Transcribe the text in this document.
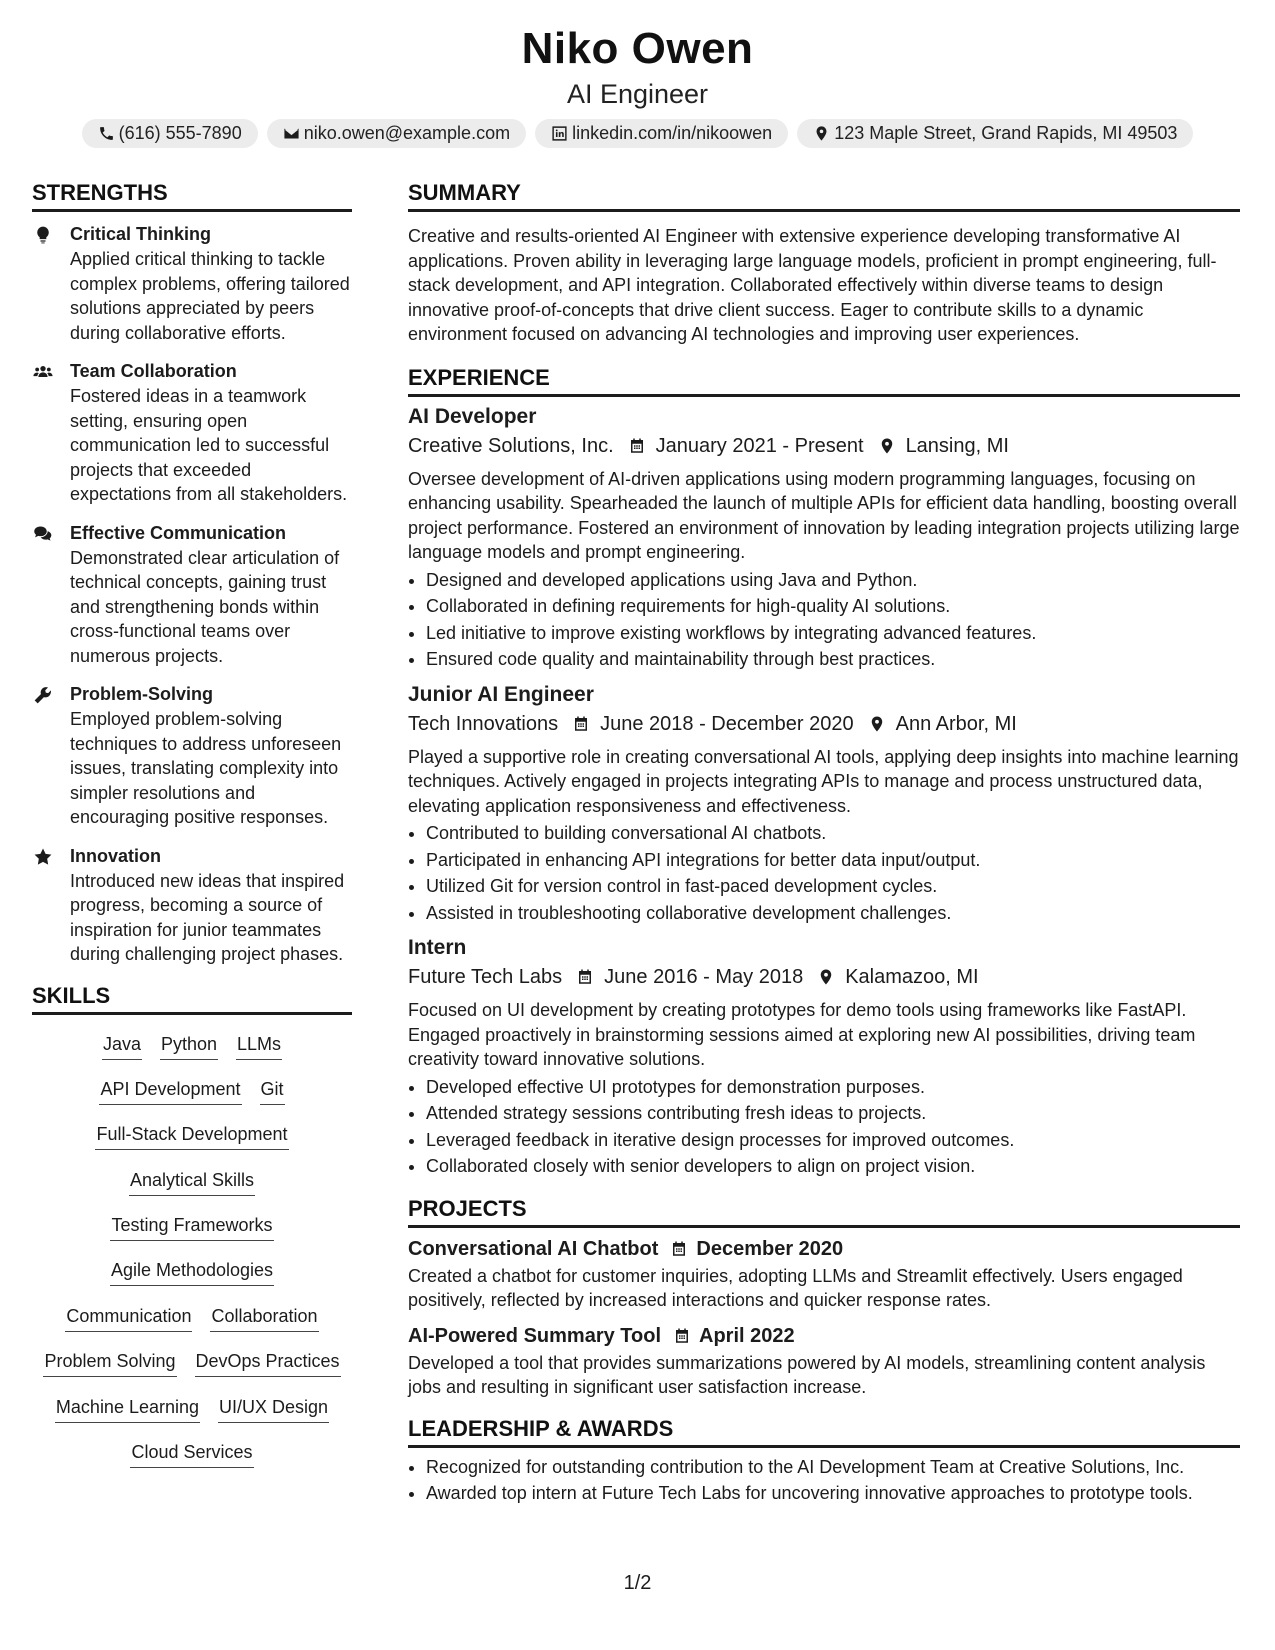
Niko Owen
AI Engineer
(616) 555-7890	niko.owen@example.com	linkedin.com/in/nikoowen	123 Maple Street, Grand Rapids, MI 49503
STRENGTHS
Critical Thinking
Applied critical thinking to tackle complex problems, offering tailored solutions appreciated by peers during collaborative efforts.
Team Collaboration
Fostered ideas in a teamwork setting, ensuring open communication led to successful projects that exceeded expectations from all stakeholders.
Effective Communication
Demonstrated clear articulation of technical concepts, gaining trust and strengthening bonds within cross-functional teams over numerous projects.
Problem-Solving
Employed problem-solving techniques to address unforeseen issues, translating complexity into simpler resolutions and encouraging positive responses.
Innovation
Introduced new ideas that inspired progress, becoming a source of inspiration for junior teammates during challenging project phases.
SKILLS
Java Python LLMs
API Development Git
Full-Stack Development
Analytical Skills
Testing Frameworks
Agile Methodologies
Communication Collaboration
Problem Solving DevOps Practices
Machine Learning UI/UX Design
Cloud Services
SUMMARY

Creative and results-oriented AI Engineer with extensive experience developing transformative AI applications. Proven ability in leveraging large language models, proficient in prompt engineering, full-stack development, and API integration. Collaborated effectively within diverse teams to design innovative proof-of-concepts that drive client success. Eager to contribute skills to a dynamic environment focused on advancing AI technologies and improving user experiences.

EXPERIENCE
AI Developer
Creative Solutions, Inc. January 2021 - Present Lansing, MI

Oversee development of AI-driven applications using modern programming languages, focusing on enhancing usability. Spearheaded the launch of multiple APIs for efficient data handling, boosting overall project performance. Fostered an environment of innovation by leading integration projects utilizing large language models and prompt engineering.

• Designed and developed applications using Java and Python.
• Collaborated in defining requirements for high-quality AI solutions.
• Led initiative to improve existing workflows by integrating advanced features.
• Ensured code quality and maintainability through best practices.
Junior AI Engineer
Tech Innovations June 2018 - December 2020 Ann Arbor, MI

Played a supportive role in creating conversational AI tools, applying deep insights into machine learning techniques. Actively engaged in projects integrating APIs to manage and process unstructured data, elevating application responsiveness and effectiveness.

• Contributed to building conversational AI chatbots.
• Participated in enhancing API integrations for better data input/output.
• Utilized Git for version control in fast-paced development cycles.
• Assisted in troubleshooting collaborative development challenges.
Intern
Future Tech Labs June 2016 - May 2018 Kalamazoo, MI

Focused on UI development by creating prototypes for demo tools using frameworks like FastAPI. Engaged proactively in brainstorming sessions aimed at exploring new AI possibilities, driving team creativity toward innovative solutions.

• Developed effective UI prototypes for demonstration purposes.
• Attended strategy sessions contributing fresh ideas to projects.
• Leveraged feedback in iterative design processes for improved outcomes.
• Collaborated closely with senior developers to align on project vision.
PROJECTS
Conversational AI Chatbot December 2020

Created a chatbot for customer inquiries, adopting LLMs and Streamlit effectively. Users engaged positively, reflected by increased interactions and quicker response rates.

AI-Powered Summary Tool April 2022

Developed a tool that provides summarizations powered by AI models, streamlining content analysis jobs and resulting in significant user satisfaction increase.

LEADERSHIP & AWARDS
• Recognized for outstanding contribution to the AI Development Team at Creative Solutions, Inc.
• Awarded top intern at Future Tech Labs for uncovering innovative approaches to prototype tools.
1/2
